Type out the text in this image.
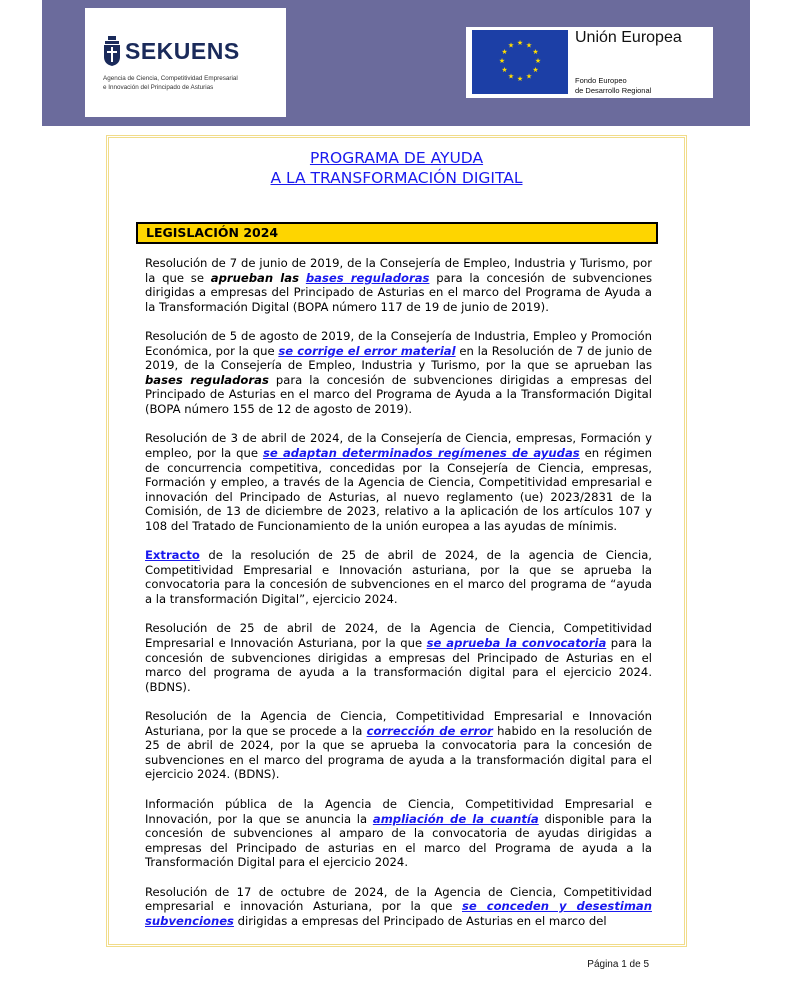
SEKUENS
Agencia de Ciencia, Competitividad Empresarial
e Innovación del Principado de Asturias
★ ★
★
★
★
★
★
★
★
★
★
★	Unión Europea
Fondo Europeo
de Desarrollo Regional
PROGRAMA DE AYUDA
A LA TRANSFORMACIÓN DIGITAL
LEGISLACIÓN 2024

Resolución de 7 de junio de 2019, de la Consejería de Empleo, Industria y Turismo, por la que se aprueban las bases reguladoras para la concesión de subvenciones dirigidas a empresas del Principado de Asturias en el marco del Programa de Ayuda a la Transformación Digital (BOPA número 117 de 19 de junio de 2019).

Resolución de 5 de agosto de 2019, de la Consejería de Industria, Empleo y Promoción Económica, por la que se corrige el error material en la Resolución de 7 de junio de 2019, de la Consejería de Empleo, Industria y Turismo, por la que se aprueban las bases reguladoras para la concesión de subvenciones dirigidas a empresas del Principado de Asturias en el marco del Programa de Ayuda a la Transformación Digital (BOPA número 155 de 12 de agosto de 2019).

Resolución de 3 de abril de 2024, de la Consejería de Ciencia, empresas, Formación y empleo, por la que se adaptan determinados regímenes de ayudas en régimen de concurrencia competitiva, concedidas por la Consejería de Ciencia, empresas, Formación y empleo, a través de la Agencia de Ciencia, Competitividad empresarial e innovación del Principado de Asturias, al nuevo reglamento (ue) 2023/2831 de la Comisión, de 13 de diciembre de 2023, relativo a la aplicación de los artículos 107 y 108 del Tratado de Funcionamiento de la unión europea a las ayudas de mínimis.

Extracto de la resolución de 25 de abril de 2024, de la agencia de Ciencia, Competitividad Empresarial e Innovación asturiana, por la que se aprueba la convocatoria para la concesión de subvenciones en el marco del programa de “ayuda a la transformación Digital”, ejercicio 2024.

Resolución de 25 de abril de 2024, de la Agencia de Ciencia, Competitividad Empresarial e Innovación Asturiana, por la que se aprueba la convocatoria para la concesión de subvenciones dirigidas a empresas del Principado de Asturias en el marco del programa de ayuda a la transformación digital para el ejercicio 2024. (BDNS).

Resolución de la Agencia de Ciencia, Competitividad Empresarial e Innovación Asturiana, por la que se procede a la corrección de error habido en la resolución de 25 de abril de 2024, por la que se aprueba la convocatoria para la concesión de subvenciones en el marco del programa de ayuda a la transformación digital para el ejercicio 2024. (BDNS).

Información pública de la Agencia de Ciencia, Competitividad Empresarial e Innovación, por la que se anuncia la ampliación de la cuantía disponible para la concesión de subvenciones al amparo de la convocatoria de ayudas dirigidas a empresas del Principado de asturias en el marco del Programa de ayuda a la Transformación Digital para el ejercicio 2024.

Resolución de 17 de octubre de 2024, de la Agencia de Ciencia, Competitividad empresarial e innovación Asturiana, por la que se conceden y desestiman subvenciones dirigidas a empresas del Principado de Asturias en el marco del

Página 1 de 5
